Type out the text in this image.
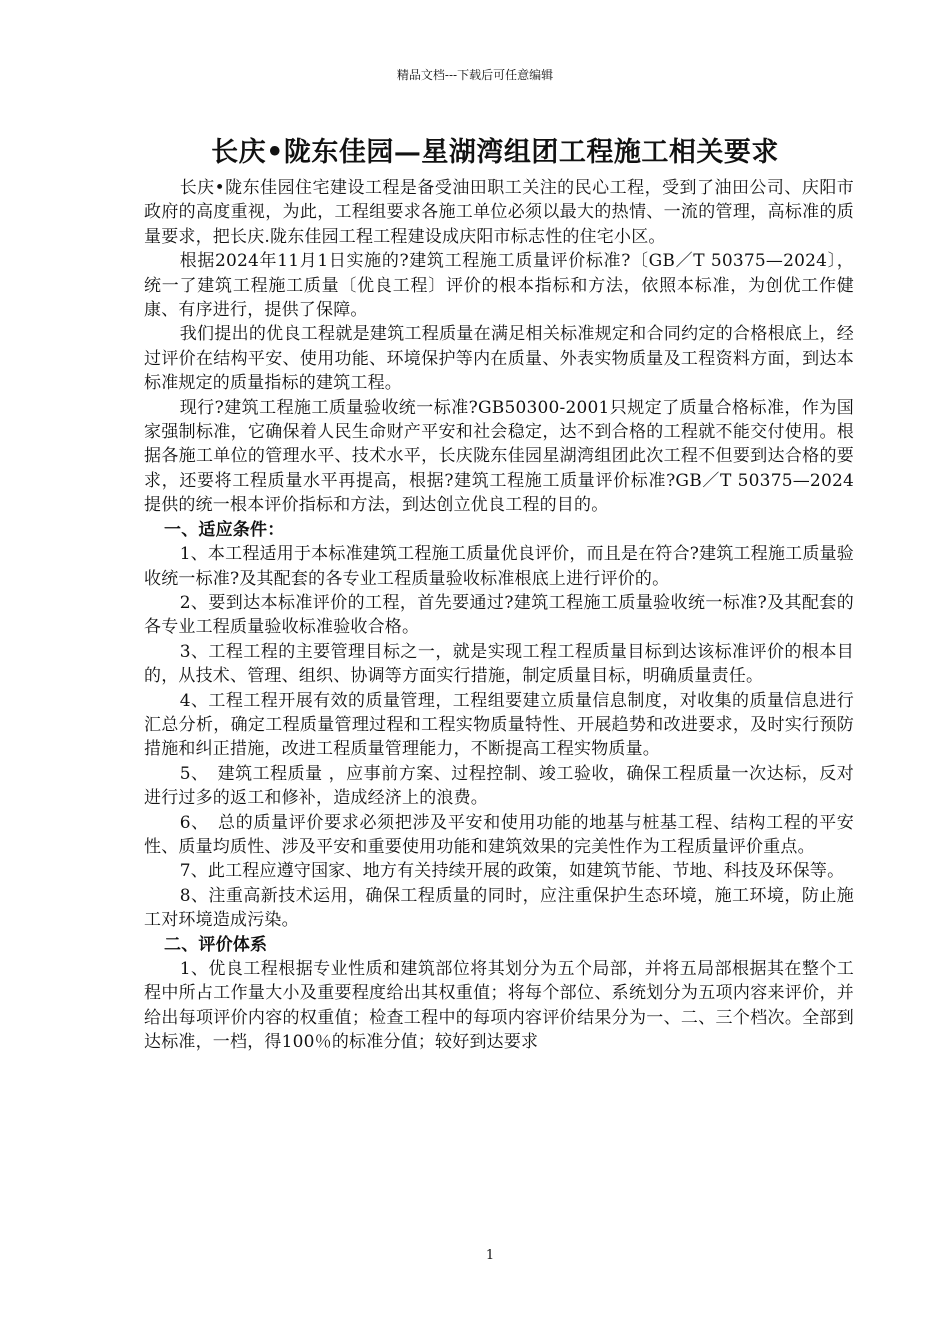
精品文档---下载后可任意编辑
长庆•陇东佳园—星湖湾组团工程施工相关要求

长庆•陇东佳园住宅建设工程是备受油田职工关注的民心工程，受到了油田公司、庆阳市政府的高度重视，为此，工程组要求各施工单位必须以最大的热情、一流的管理，高标准的质量要求，把长庆.陇东佳园工程工程建设成庆阳市标志性的住宅小区。

根据2024年11月1日实施的?建筑工程施工质量评价标准?〔GB／T 50375—2024〕，统一了建筑工程施工质量〔优良工程〕评价的根本指标和方法，依照本标准，为创优工作健康、有序进行，提供了保障。

我们提出的优良工程就是建筑工程质量在满足相关标准规定和合同约定的合格根底上，经过评价在结构平安、使用功能、环境保护等内在质量、外表实物质量及工程资料方面，到达本标准规定的质量指标的建筑工程。

现行?建筑工程施工质量验收统一标准?GB50300-2001只规定了质量合格标准，作为国家强制标准，它确保着人民生命财产平安和社会稳定，达不到合格的工程就不能交付使用。根据各施工单位的管理水平、技术水平，长庆陇东佳园星湖湾组团此次工程不但要到达合格的要求，还要将工程质量水平再提高，根据?建筑工程施工质量评价标准?GB／T 50375—2024提供的统一根本评价指标和方法，到达创立优良工程的目的。

一、适应条件：

1、本工程适用于本标准建筑工程施工质量优良评价，而且是在符合?建筑工程施工质量验收统一标准?及其配套的各专业工程质量验收标准根底上进行评价的。

2、要到达本标准评价的工程，首先要通过?建筑工程施工质量验收统一标准?及其配套的各专业工程质量验收标准验收合格。

3、工程工程的主要管理目标之一，就是实现工程工程质量目标到达该标准评价的根本目的，从技术、管理、组织、协调等方面实行措施，制定质量目标，明确质量责任。

4、工程工程开展有效的质量管理，工程组要建立质量信息制度，对收集的质量信息进行汇总分析，确定工程质量管理过程和工程实物质量特性、开展趋势和改进要求，及时实行预防措施和纠正措施，改进工程质量管理能力，不断提高工程实物质量。

5、　建筑工程质量 ，应事前方案、过程控制、竣工验收，确保工程质量一次达标，反对进行过多的返工和修补，造成经济上的浪费。

6、　总的质量评价要求必须把涉及平安和使用功能的地基与桩基工程、结构工程的平安性、质量均质性、涉及平安和重要使用功能和建筑效果的完美性作为工程质量评价重点。

7、此工程应遵守国家、地方有关持续开展的政策，如建筑节能、节地、科技及环保等。

8、注重高新技术运用，确保工程质量的同时，应注重保护生态环境，施工环境，防止施工对环境造成污染。

二、评价体系

1、优良工程根据专业性质和建筑部位将其划分为五个局部，并将五局部根据其在整个工程中所占工作量大小及重要程度给出其权重值；将每个部位、系统划分为五项内容来评价，并给出每项评价内容的权重值；检查工程中的每项内容评价结果分为一、二、三个档次。全部到达标准，一档，得100％的标准分值；较好到达要求

1
